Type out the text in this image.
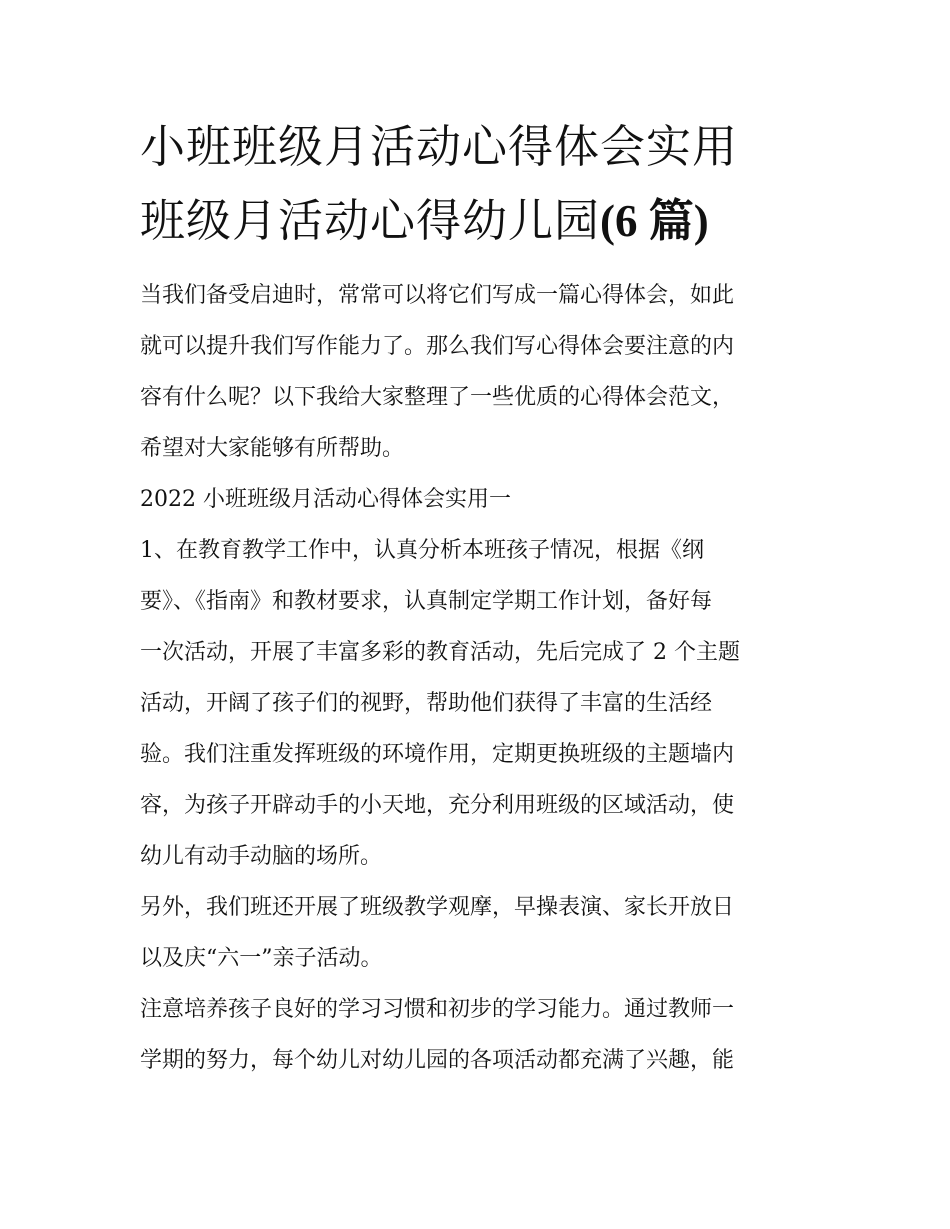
小班班级月活动心得体会实用
班级月活动心得幼儿园(6 篇)

当我们备受启迪时，常常可以将它们写成一篇心得体会，如此
就可以提升我们写作能力了。那么我们写心得体会要注意的内
容有什么呢？以下我给大家整理了一些优质的心得体会范文，
希望对大家能够有所帮助。

2022 小班班级月活动心得体会实用一

1、在教育教学工作中，认真分析本班孩子情况，根据《纲
要》、《指南》和教材要求，认真制定学期工作计划，备好每
一次活动，开展了丰富多彩的教育活动，先后完成了 2 个主题
活动，开阔了孩子们的视野，帮助他们获得了丰富的生活经
验。我们注重发挥班级的环境作用，定期更换班级的主题墙内
容，为孩子开辟动手的小天地，充分利用班级的区域活动，使
幼儿有动手动脑的场所。

另外，我们班还开展了班级教学观摩，早操表演、家长开放日
以及庆“六一”亲子活动。

注意培养孩子良好的学习习惯和初步的学习能力。通过教师一
学期的努力，每个幼儿对幼儿园的各项活动都充满了兴趣，能
